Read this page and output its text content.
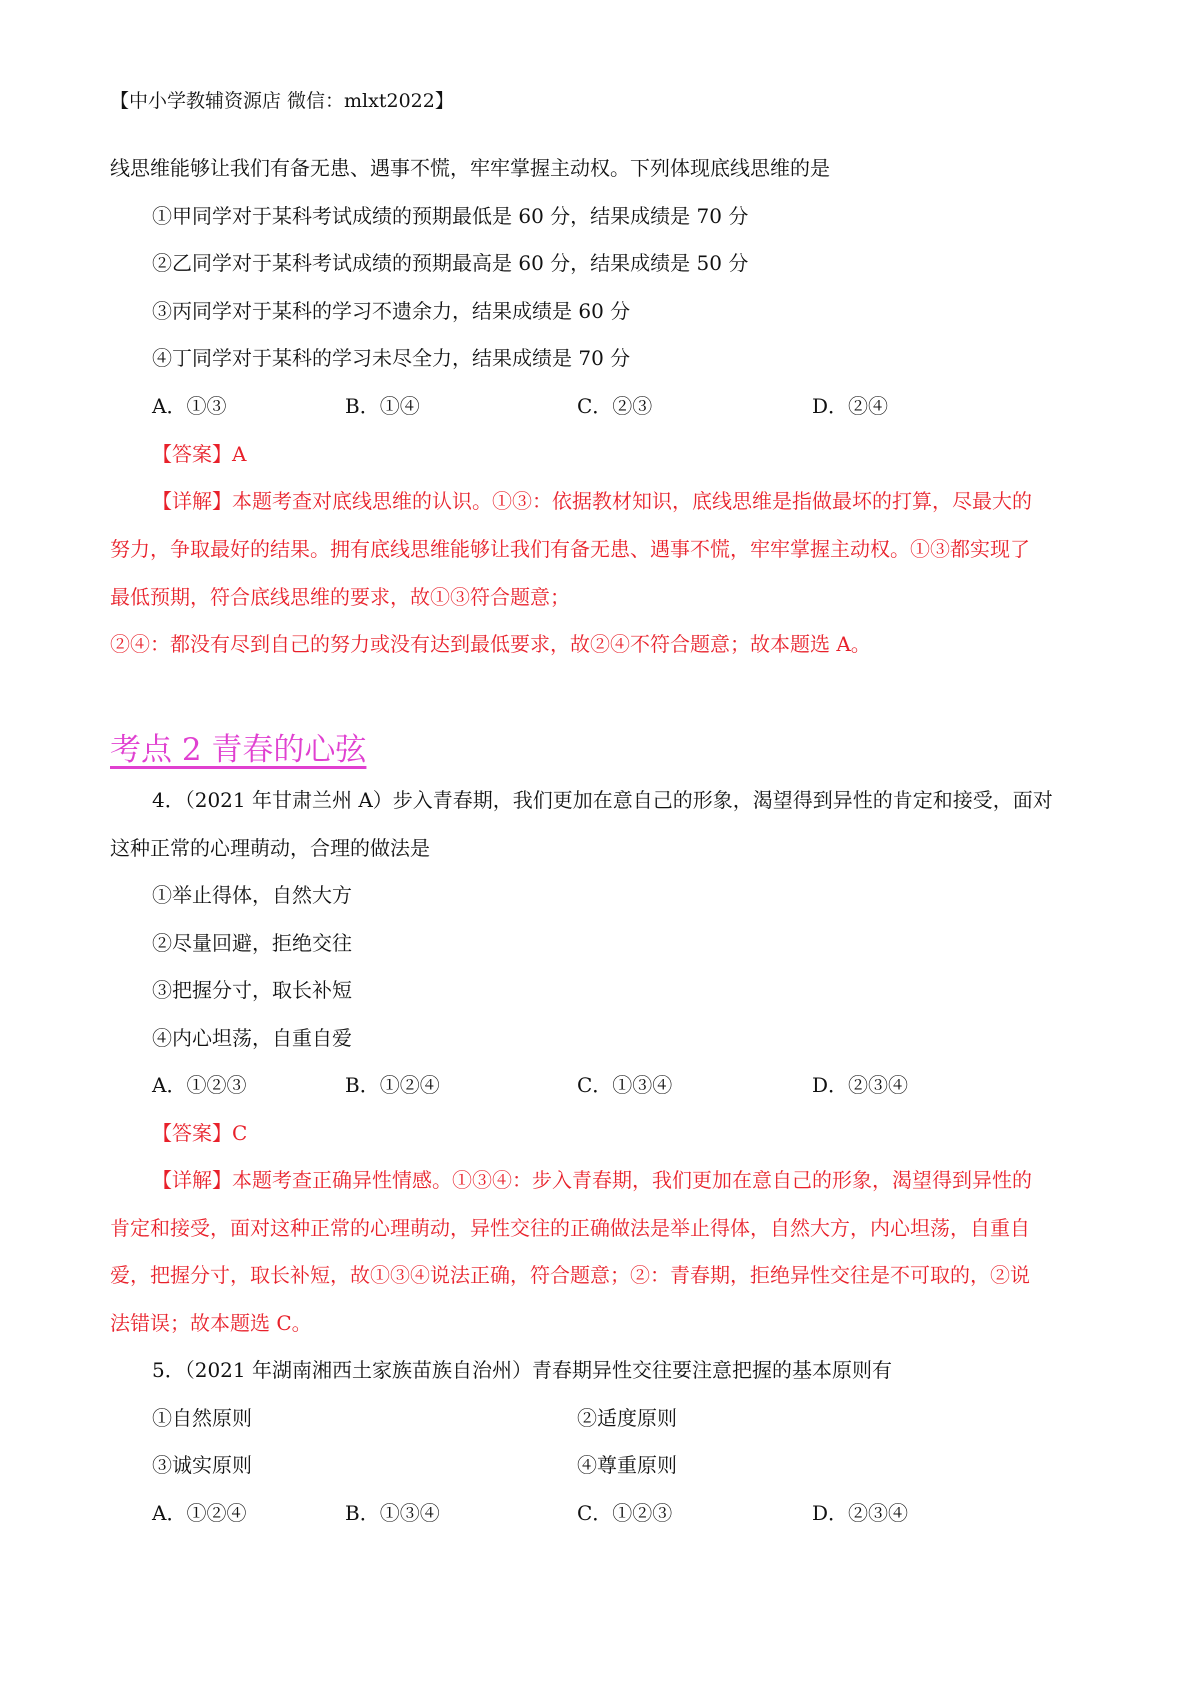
【中小学教辅资源店 微信：mlxt2022】
线思维能够让我们有备无患、遇事不慌，牢牢掌握主动权。下列体现底线思维的是
①甲同学对于某科考试成绩的预期最低是 60 分，结果成绩是 70 分
②乙同学对于某科考试成绩的预期最高是 60 分，结果成绩是 50 分
③丙同学对于某科的学习不遗余力，结果成绩是 60 分
④丁同学对于某科的学习未尽全力，结果成绩是 70 分
A．①③	B．①④	C．②③	D．②④
【答案】A
【详解】本题考查对底线思维的认识。①③：依据教材知识，底线思维是指做最坏的打算，尽最大的
努力，争取最好的结果。拥有底线思维能够让我们有备无患、遇事不慌，牢牢掌握主动权。①③都实现了
最低预期，符合底线思维的要求，故①③符合题意；
②④：都没有尽到自己的努力或没有达到最低要求，故②④不符合题意；故本题选 A。
考点 2 青春的心弦
4．（2021 年甘肃兰州 A）步入青春期，我们更加在意自己的形象，渴望得到异性的肯定和接受，面对
这种正常的心理萌动，合理的做法是
①举止得体，自然大方
②尽量回避，拒绝交往
③把握分寸，取长补短
④内心坦荡，自重自爱
A．①②③	B．①②④	C．①③④	D．②③④
【答案】C
【详解】本题考查正确异性情感。①③④：步入青春期，我们更加在意自己的形象，渴望得到异性的
肯定和接受，面对这种正常的心理萌动，异性交往的正确做法是举止得体，自然大方，内心坦荡，自重自
爱，把握分寸，取长补短，故①③④说法正确，符合题意；②：青春期，拒绝异性交往是不可取的，②说
法错误；故本题选 C。
5．（2021 年湖南湘西土家族苗族自治州）青春期异性交往要注意把握的基本原则有
①自然原则	②适度原则
③诚实原则	④尊重原则
A．①②④	B．①③④	C．①②③	D．②③④
